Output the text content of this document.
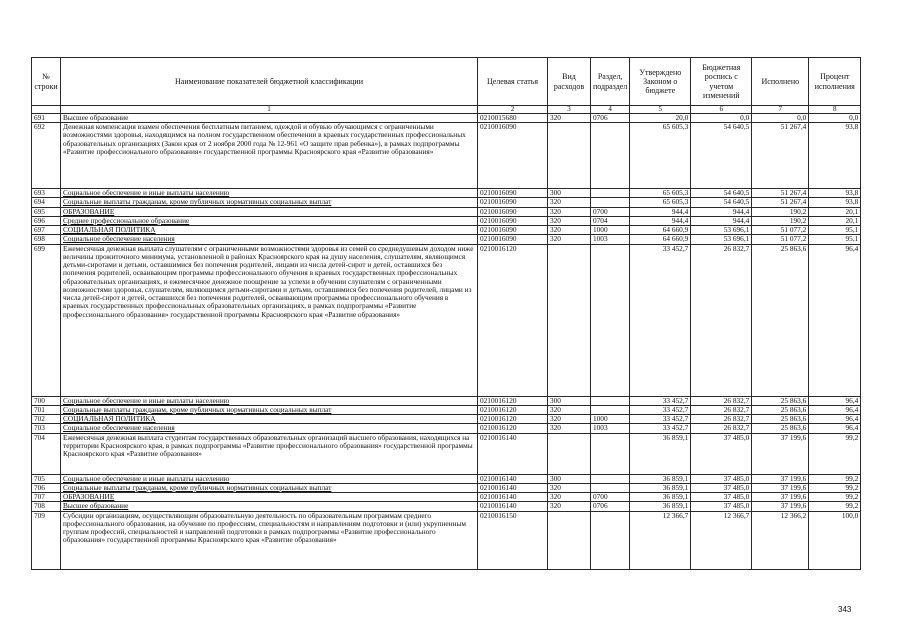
№ строки	Наименование показателей бюджетной классификации	Целевая статья	Вид расходов	Раздел, подраздел	Утверждено Законом о бюджете	Бюджетная роспись с учетом изменений	Исполнено	Процент исполнения
	1	2	3	4	5	6	7	8
691	Высшее образование	0210015680	320	0706	20,0	0,0	0,0	0,0
692	Денежная компенсация взамен обеспечения бесплатным питанием, одеждой и обувью обучающимся с ограниченными возможностями здоровья, находящимся на полном государственном обеспечении в краевых государственных профессиональных образовательных организациях (Закон края от 2 ноября 2000 года № 12-961 «О защите прав ребенка»), в рамках подпрограммы «Развитие профессионального образования» государственной программы Красноярского края «Развитие образования»	0210016090			65 605,3	54 640,5	51 267,4	93,8
693	Социальное обеспечение и иные выплаты населению	0210016090	300		65 605,3	54 640,5	51 267,4	93,8
694	Социальные выплаты гражданам, кроме публичных нормативных социальных выплат	0210016090	320		65 605,3	54 640,5	51 267,4	93,8
695	ОБРАЗОВАНИЕ	0210016090	320	0700	944,4	944,4	190,2	20,1
696	Среднее профессиональное образование	0210016090	320	0704	944,4	944,4	190,2	20,1
697	СОЦИАЛЬНАЯ ПОЛИТИКА	0210016090	320	1000	64 660,9	53 696,1	51 077,2	95,1
698	Социальное обеспечение населения	0210016090	320	1003	64 660,9	53 696,1	51 077,2	95,1
699	Ежемесячная денежная выплата слушателям с ограниченными возможностями здоровья из семей со среднедушевым доходом ниже величины прожиточного минимума, установленной в районах Красноярского края на душу населения, слушателям, являющимся детьми-сиротами и детьми, оставшимися без попечения родителей, лицами из числа детей-сирот и детей, оставшихся без попечения родителей, осваивающим программы профессионального обучения в краевых государственных профессиональных образовательных организациях, и ежемесячное денежное поощрение за успехи в обучении слушателям с ограниченными возможностями здоровья, слушателям, являющимся детьми-сиротами и детьми, оставшимися без попечения родителей, лицами из числа детей-сирот и детей, оставшихся без попечения родителей, осваивающим программы профессионального обучения в краевых государственных профессиональных образовательных организациях, в рамках подпрограммы «Развитие профессионального образования» государственной программы Красноярского края «Развитие образования»	0210016120			33 452,7	26 832,7	25 863,6	96,4
700	Социальное обеспечение и иные выплаты населению	0210016120	300		33 452,7	26 832,7	25 863,6	96,4
701	Социальные выплаты гражданам, кроме публичных нормативных социальных выплат	0210016120	320		33 452,7	26 832,7	25 863,6	96,4
702	СОЦИАЛЬНАЯ ПОЛИТИКА	0210016120	320	1000	33 452,7	26 832,7	25 863,6	96,4
703	Социальное обеспечение населения	0210016120	320	1003	33 452,7	26 832,7	25 863,6	96,4
704	Ежемесячная денежная выплата студентам государственных образовательных организаций высшего образования, находящихся на территории Красноярского края, в рамках подпрограммы «Развитие профессионального образования» государственной программы Красноярского края «Развитие образования»	0210016140			36 859,1	37 485,0	37 199,6	99,2
705	Социальное обеспечение и иные выплаты населению	0210016140	300		36 859,1	37 485,0	37 199,6	99,2
706	Социальные выплаты гражданам, кроме публичных нормативных социальных выплат	0210016140	320		36 859,1	37 485,0	37 199,6	99,2
707	ОБРАЗОВАНИЕ	0210016140	320	0700	36 859,1	37 485,0	37 199,6	99,2
708	Высшее образование	0210016140	320	0706	36 859,1	37 485,0	37 199,6	99,2
709	Субсидии организациям, осуществляющим образовательную деятельность по образовательным программам среднего профессионального образования, на обучение по профессиям, специальностям и направлениям подготовки и (или) укрупненным группам профессий, специальностей и направлений подготовки в рамках подпрограммы «Развитие профессионального образования» государственной программы Красноярского края «Развитие образования»	0210016150			12 366,7	12 366,7	12 366,2	100,0
343
